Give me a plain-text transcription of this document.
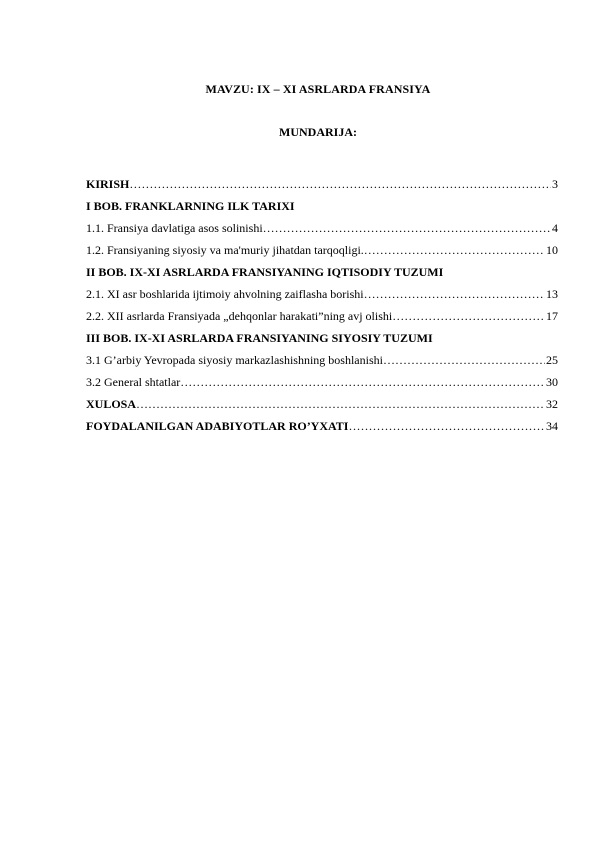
MAVZU: IX – XI ASRLARDA FRANSIYA
MUNDARIJA:
KIRISH ……………………………………………………………………………………………………………………………………………	3
I BOB. FRANKLARNING ILK TARIXI
1.1. Fransiya davlatiga asos solinishi ……………………………………………………………………………………………………………………………………………	4
1.2. Fransiyaning siyosiy va ma'muriy jihatdan tarqoqligi. ……………………………………………………………………………………………………………………………………………	10
II BOB. IX-XI ASRLARDA FRANSIYANING IQTISODIY TUZUMI
2.1. XI asr boshlarida ijtimoiy ahvolning zaiflasha borishi ……………………………………………………………………………………………………………………………………………	13
2.2. XII asrlarda Fransiyada „dehqonlar harakati”ning avj olishi ……………………………………………………………………………………………………………………………………………	17
III BOB. IX-XI ASRLARDA FRANSIYANING SIYOSIY TUZUMI
3.1 G’arbiy Yevropada siyosiy markazlashishning boshlanishi ……………………………………………………………………………………………………………………………………………	25
3.2 General shtatlar ……………………………………………………………………………………………………………………………………………	30
XULOSA ……………………………………………………………………………………………………………………………………………	32
FOYDALANILGAN ADABIYOTLAR RO’YXATI ……………………………………………………………………………………………………………………………………………	34
